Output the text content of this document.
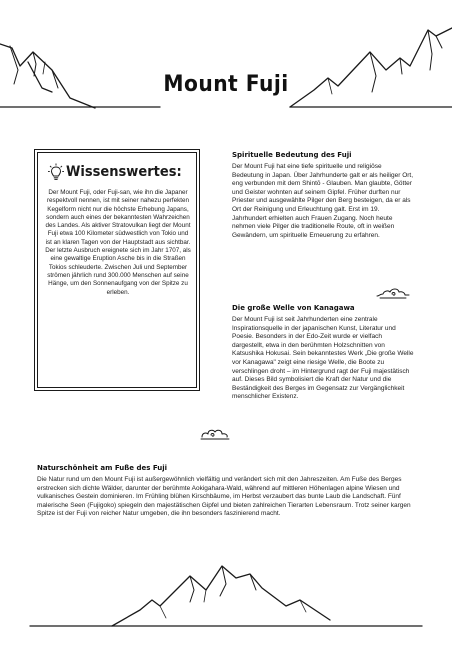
Mount Fuji
Wissenswertes:
Der Mount Fuji, oder Fuji-san, wie ihn die Japaner respektvoll nennen, ist mit seiner nahezu perfekten Kegelform nicht nur die höchste Erhebung Japans, sondern auch eines der bekanntesten Wahrzeichen des Landes. Als aktiver Stratovulkan liegt der Mount Fuji etwa 100 Kilometer südwestlich von Tokio und ist an klaren Tagen von der Hauptstadt aus sichtbar. Der letzte Ausbruch ereignete sich im Jahr 1707, als eine gewaltige Eruption Asche bis in die Straßen Tokios schleuderte. Zwischen Juli und September strömen jährlich rund 300.000 Menschen auf seine Hänge, um den Sonnenaufgang von der Spitze zu erleben.
Spirituelle Bedeutung des Fuji
Der Mount Fuji hat eine tiefe spirituelle und religiöse Bedeutung in Japan. Über Jahrhunderte galt er als heiliger Ort, eng verbunden mit dem Shintō - Glauben. Man glaubte, Götter und Geister wohnten auf seinem Gipfel. Früher durften nur Priester und ausgewählte Pilger den Berg besteigen, da er als Ort der Reinigung und Erleuchtung galt. Erst im 19. Jahrhundert erhielten auch Frauen Zugang. Noch heute nehmen viele Pilger die traditionelle Route, oft in weißen Gewändern, um spirituelle Erneuerung zu erfahren.
Die große Welle von Kanagawa
Der Mount Fuji ist seit Jahrhunderten eine zentrale Inspirationsquelle in der japanischen Kunst, Literatur und Poesie. Besonders in der Edo-Zeit wurde er vielfach dargestellt, etwa in den berühmten Holzschnitten von Katsushika Hokusai. Sein bekanntestes Werk „Die große Welle vor Kanagawa" zeigt eine riesige Welle, die Boote zu verschlingen droht – im Hintergrund ragt der Fuji majestätisch auf. Dieses Bild symbolisiert die Kraft der Natur und die Beständigkeit des Berges im Gegensatz zur Vergänglichkeit menschlicher Existenz.
Naturschönheit am Fuße des Fuji
Die Natur rund um den Mount Fuji ist außergewöhnlich vielfältig und verändert sich mit den Jahreszeiten. Am Fuße des Berges erstrecken sich dichte Wälder, darunter der berühmte Aokigahara-Wald, während auf mittleren Höhenlagen alpine Wiesen und vulkanisches Gestein dominieren. Im Frühling blühen Kirschbäume, im Herbst verzaubert das bunte Laub die Landschaft. Fünf malerische Seen (Fujigoko) spiegeln den majestätischen Gipfel und bieten zahlreichen Tierarten Lebensraum. Trotz seiner kargen Spitze ist der Fuji von reicher Natur umgeben, die ihn besonders faszinierend macht.
